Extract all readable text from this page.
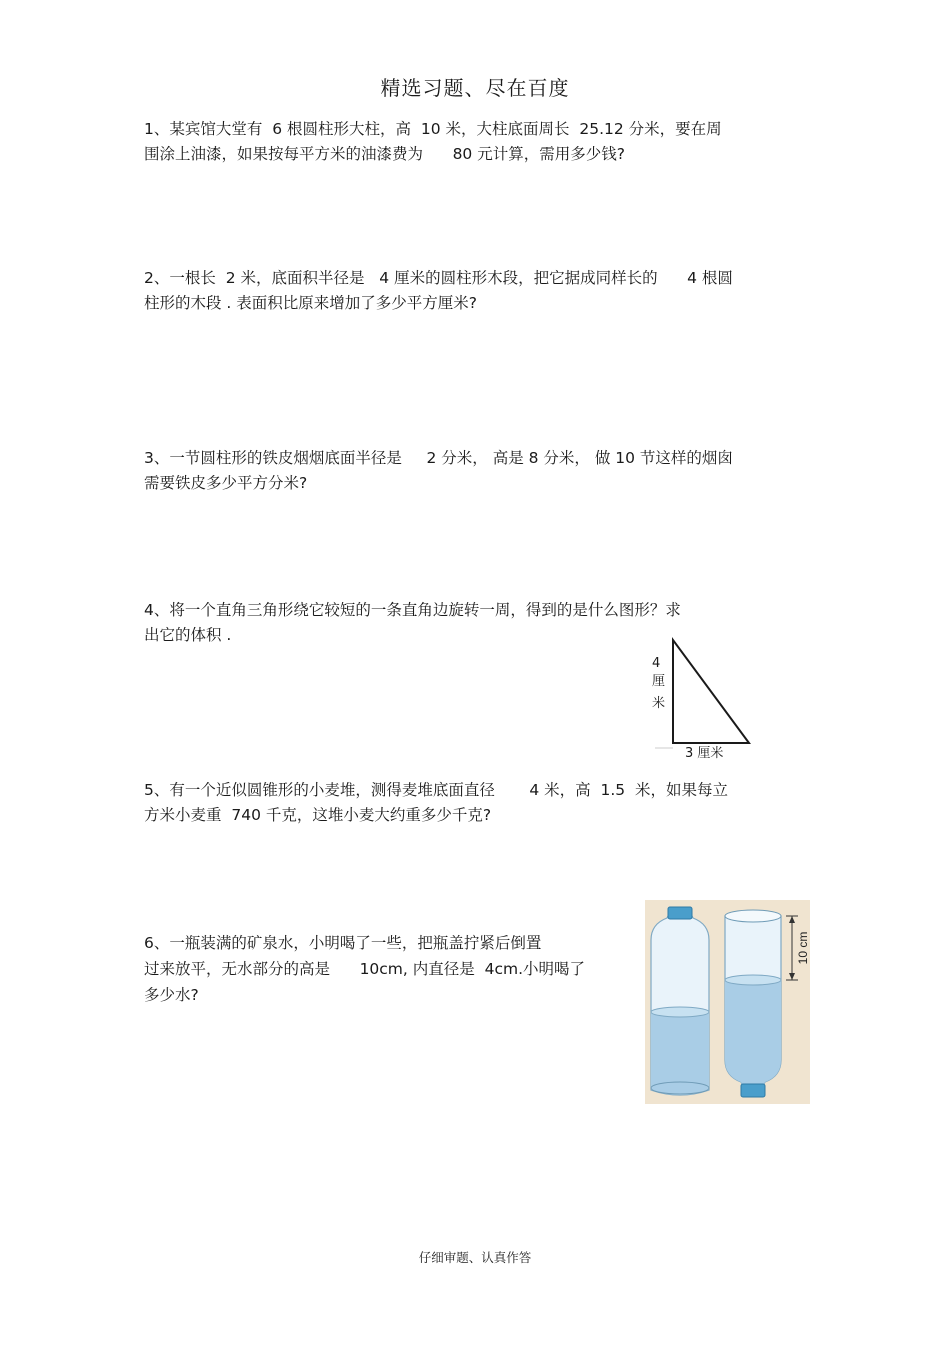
精选习题、尽在百度
1、某宾馆大堂有  6 根圆柱形大柱，高  10 米，大柱底面周长  25.12 分米，要在周
围涂上油漆，如果按每平方米的油漆费为      80 元计算，需用多少钱?
2、一根长  2 米，底面积半径是   4 厘米的圆柱形木段，把它据成同样长的      4 根圆
柱形的木段 . 表面积比原来增加了多少平方厘米?
3、一节圆柱形的铁皮烟烟底面半径是     2 分米， 高是 8 分米， 做 10 节这样的烟囱
需要铁皮多少平方分米?
4、将一个直角三角形绕它较短的一条直角边旋转一周，得到的是什么图形？求
出它的体积 .
4
厘
米
3 厘米
5、有一个近似圆锥形的小麦堆，测得麦堆底面直径       4 米，高  1.5  米，如果每立
方米小麦重  740 千克，这堆小麦大约重多少千克?
6、一瓶装满的矿泉水，小明喝了一些，把瓶盖拧紧后倒置
过来放平，无水部分的高是      10cm, 内直径是  4cm.小明喝了
多少水?
10 cm
仔细审题、认真作答
